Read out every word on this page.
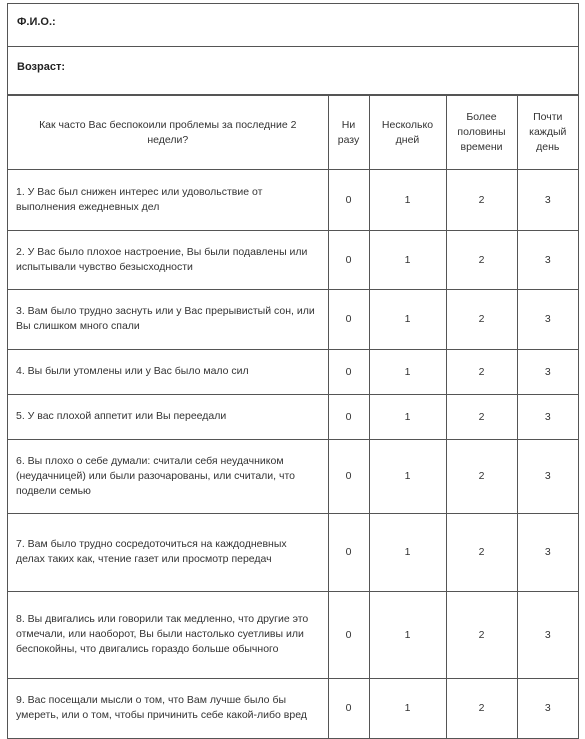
Ф.И.О.:
Возраст:
Как часто Вас беспокоили проблемы за последние 2 недели?	Ни разу	Несколько дней	Более половины времени	Почти каждый день
1. У Вас был снижен интерес или удовольствие от выполнения ежедневных дел	0	1	2	3
2. У Вас было плохое настроение, Вы были подавлены или испытывали чувство безысходности	0	1	2	3
3. Вам было трудно заснуть или у Вас прерывистый сон, или Вы слишком много спали	0	1	2	3
4. Вы были утомлены или у Вас было мало сил	0	1	2	3
5. У вас плохой аппетит или Вы переедали	0	1	2	3
6. Вы плохо о себе думали: считали себя неудачником (неудачницей) или были разочарованы, или считали, что подвели семью	0	1	2	3
7. Вам было трудно сосредоточиться на каждодневных делах таких как, чтение газет или просмотр передач	0	1	2	3
8. Вы двигались или говорили так медленно, что другие это отмечали, или наоборот, Вы были настолько суетливы или беспокойны, что двигались гораздо больше обычного	0	1	2	3
9. Вас посещали мысли о том, что Вам лучше было бы умереть, или о том, чтобы причинить себе какой-либо вред	0	1	2	3
